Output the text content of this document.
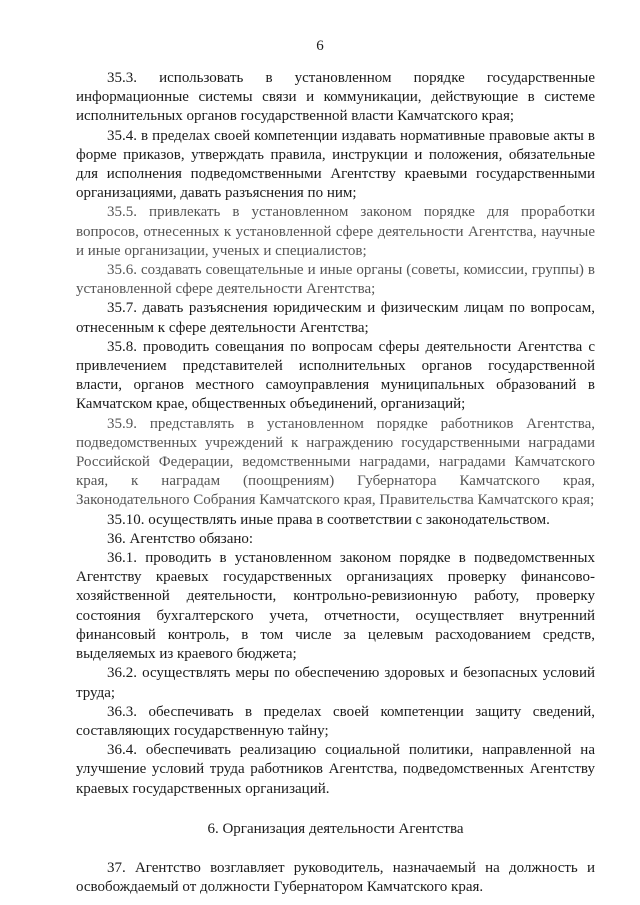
6

35.3. использовать в установленном порядке государственные информационные системы связи и коммуникации, действующие в системе исполнительных органов государственной власти Камчатского края;

35.4. в пределах своей компетенции издавать нормативные правовые акты в форме приказов, утверждать правила, инструкции и положения, обязательные для исполнения подведомственными Агентству краевыми государственными организациями, давать разъяснения по ним;

35.5. привлекать в установленном законом порядке для проработки вопросов, отнесенных к установленной сфере деятельности Агентства, научные и иные организации, ученых и специалистов;

35.6. создавать совещательные и иные органы (советы, комиссии, группы) в установленной сфере деятельности Агентства;

35.7. давать разъяснения юридическим и физическим лицам по вопросам, отнесенным к сфере деятельности Агентства;

35.8. проводить совещания по вопросам сферы деятельности Агентства с привлечением представителей исполнительных органов государственной власти, органов местного самоуправления муниципальных образований в Камчатском крае, общественных объединений, организаций;

35.9. представлять в установленном порядке работников Агентства, подведомственных учреждений к награждению государственными наградами Российской Федерации, ведомственными наградами, наградами Камчатского края, к наградам (поощрениям) Губернатора Камчатского края, Законодательного Собрания Камчатского края, Правительства Камчатского края;

35.10. осуществлять иные права в соответствии с законодательством.

36. Агентство обязано:

36.1. проводить в установленном законом порядке в подведомственных Агентству краевых государственных организациях проверку финансово-хозяйственной деятельности, контрольно-ревизионную работу, проверку состояния бухгалтерского учета, отчетности, осуществляет внутренний финансовый контроль, в том числе за целевым расходованием средств, выделяемых из краевого бюджета;

36.2. осуществлять меры по обеспечению здоровых и безопасных условий труда;

36.3. обеспечивать в пределах своей компетенции защиту сведений, составляющих государственную тайну;

36.4. обеспечивать реализацию социальной политики, направленной на улучшение условий труда работников Агентства, подведомственных Агентству краевых государственных организаций.

6. Организация деятельности Агентства

37. Агентство возглавляет руководитель, назначаемый на должность и освобождаемый от должности Губернатором Камчатского края.
